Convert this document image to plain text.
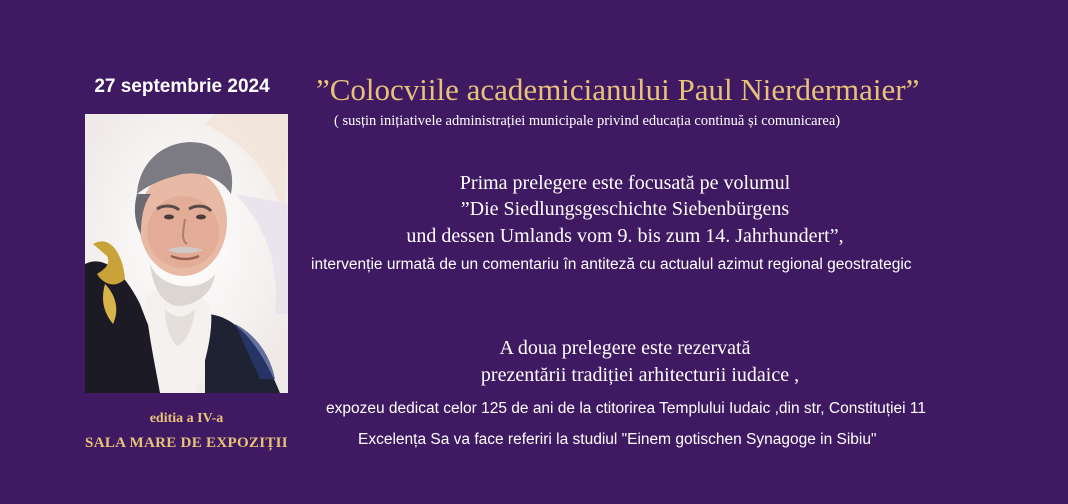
27 septembrie 2024	”Colocviile academicianului Paul Nierdermaier”
( susțin inițiativele administrației municipale privind educația continuă și comunicarea)
Prima prelegere este focusată pe volumul
”Die Siedlungsgeschichte Siebenbürgens
und dessen Umlands vom 9. bis zum 14. Jahrhundert”,
intervenție urmată de un comentariu în antiteză cu actualul azimut regional geostrategic
A doua prelegere este rezervată
prezentării tradiției arhitecturii iudaice ,
expozeu dedicat celor 125 de ani de la ctitorirea Templului Iudaic ,din str, Constituției 11
Excelența Sa va face referiri la studiul "Einem gotischen Synagoge in Sibiu"
editia a IV-a
SALA MARE DE EXPOZIȚII
